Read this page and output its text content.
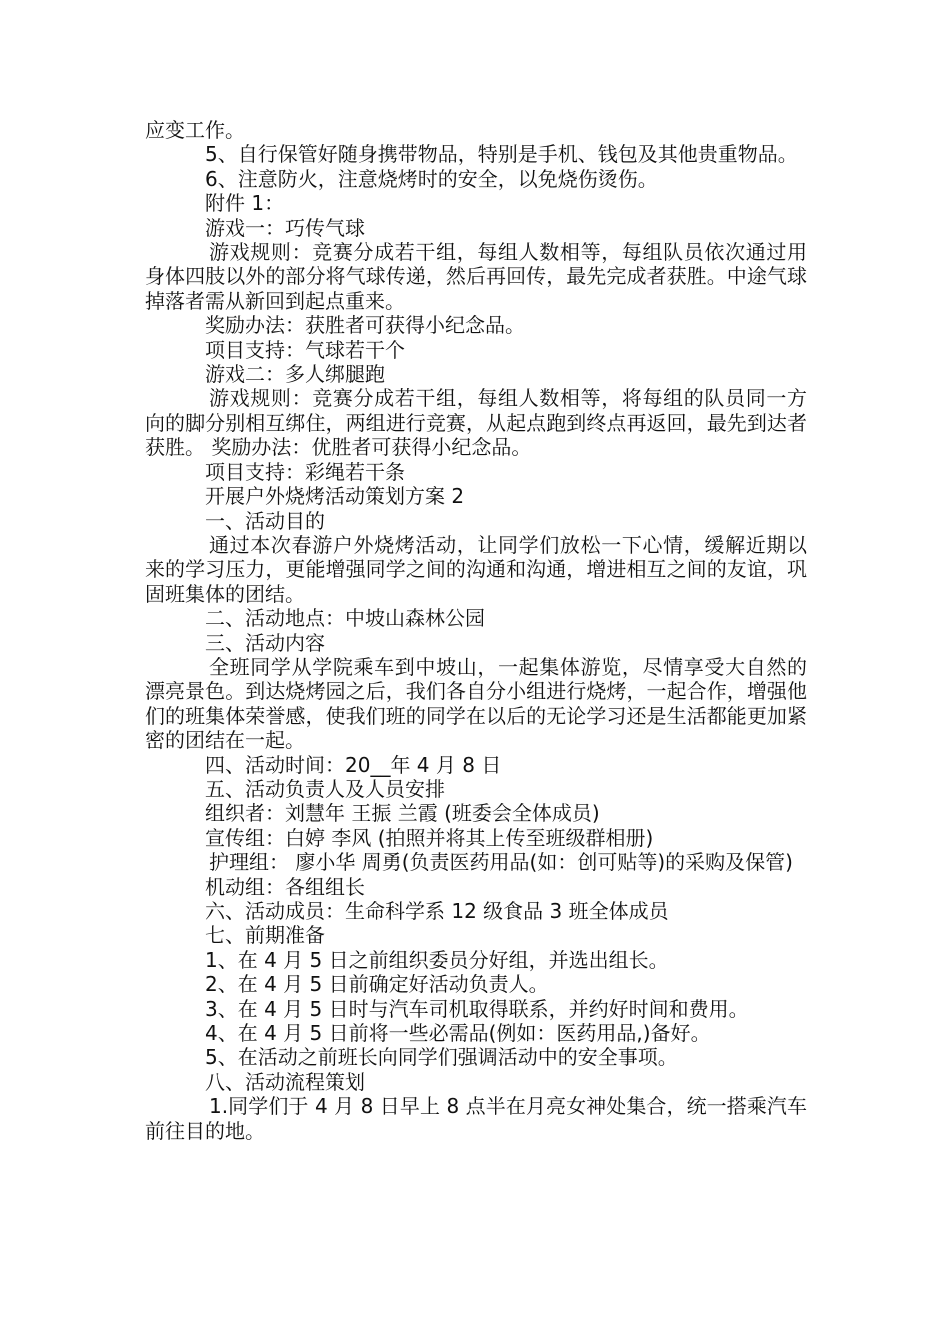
应变工作。

5、自行保管好随身携带物品，特别是手机、钱包及其他贵重物品。

6、注意防火，注意烧烤时的安全，以免烧伤烫伤。

附件 1：

游戏一：巧传气球

游戏规则：竞赛分成若干组，每组人数相等，每组队员依次通过用身体四肢以外的部分将气球传递，然后再回传，最先完成者获胜。中途气球掉落者需从新回到起点重来。

奖励办法：获胜者可获得小纪念品。

项目支持：气球若干个

游戏二：多人绑腿跑

游戏规则：竞赛分成若干组，每组人数相等，将每组的队员同一方向的脚分别相互绑住，两组进行竞赛，从起点跑到终点再返回，最先到达者获胜。 奖励办法：优胜者可获得小纪念品。

项目支持：彩绳若干条

开展户外烧烤活动策划方案 2

一、活动目的

通过本次春游户外烧烤活动，让同学们放松一下心情，缓解近期以来的学习压力，更能增强同学之间的沟通和沟通，增进相互之间的友谊，巩固班集体的团结。

二、活动地点：中坡山森林公园

三、活动内容

全班同学从学院乘车到中坡山，一起集体游览，尽情享受大自然的漂亮景色。到达烧烤园之后，我们各自分小组进行烧烤，一起合作，增强他们的班集体荣誉感，使我们班的同学在以后的无论学习还是生活都能更加紧密的团结在一起。

四、活动时间：20__年 4 月 8 日

五、活动负责人及人员安排

组织者：刘慧年 王振 兰霞 (班委会全体成员)

宣传组：白婷 李风 (拍照并将其上传至班级群相册)

护理组： 廖小华 周勇(负责医药用品(如：创可贴等)的采购及保管)

机动组：各组组长

六、活动成员：生命科学系 12 级食品 3 班全体成员

七、前期准备

1、在 4 月 5 日之前组织委员分好组，并选出组长。

2、在 4 月 5 日前确定好活动负责人。

3、在 4 月 5 日时与汽车司机取得联系，并约好时间和费用。

4、在 4 月 5 日前将一些必需品(例如：医药用品,)备好。

5、在活动之前班长向同学们强调活动中的安全事项。

八、活动流程策划

1.同学们于 4 月 8 日早上 8 点半在月亮女神处集合，统一搭乘汽车前往目的地。
